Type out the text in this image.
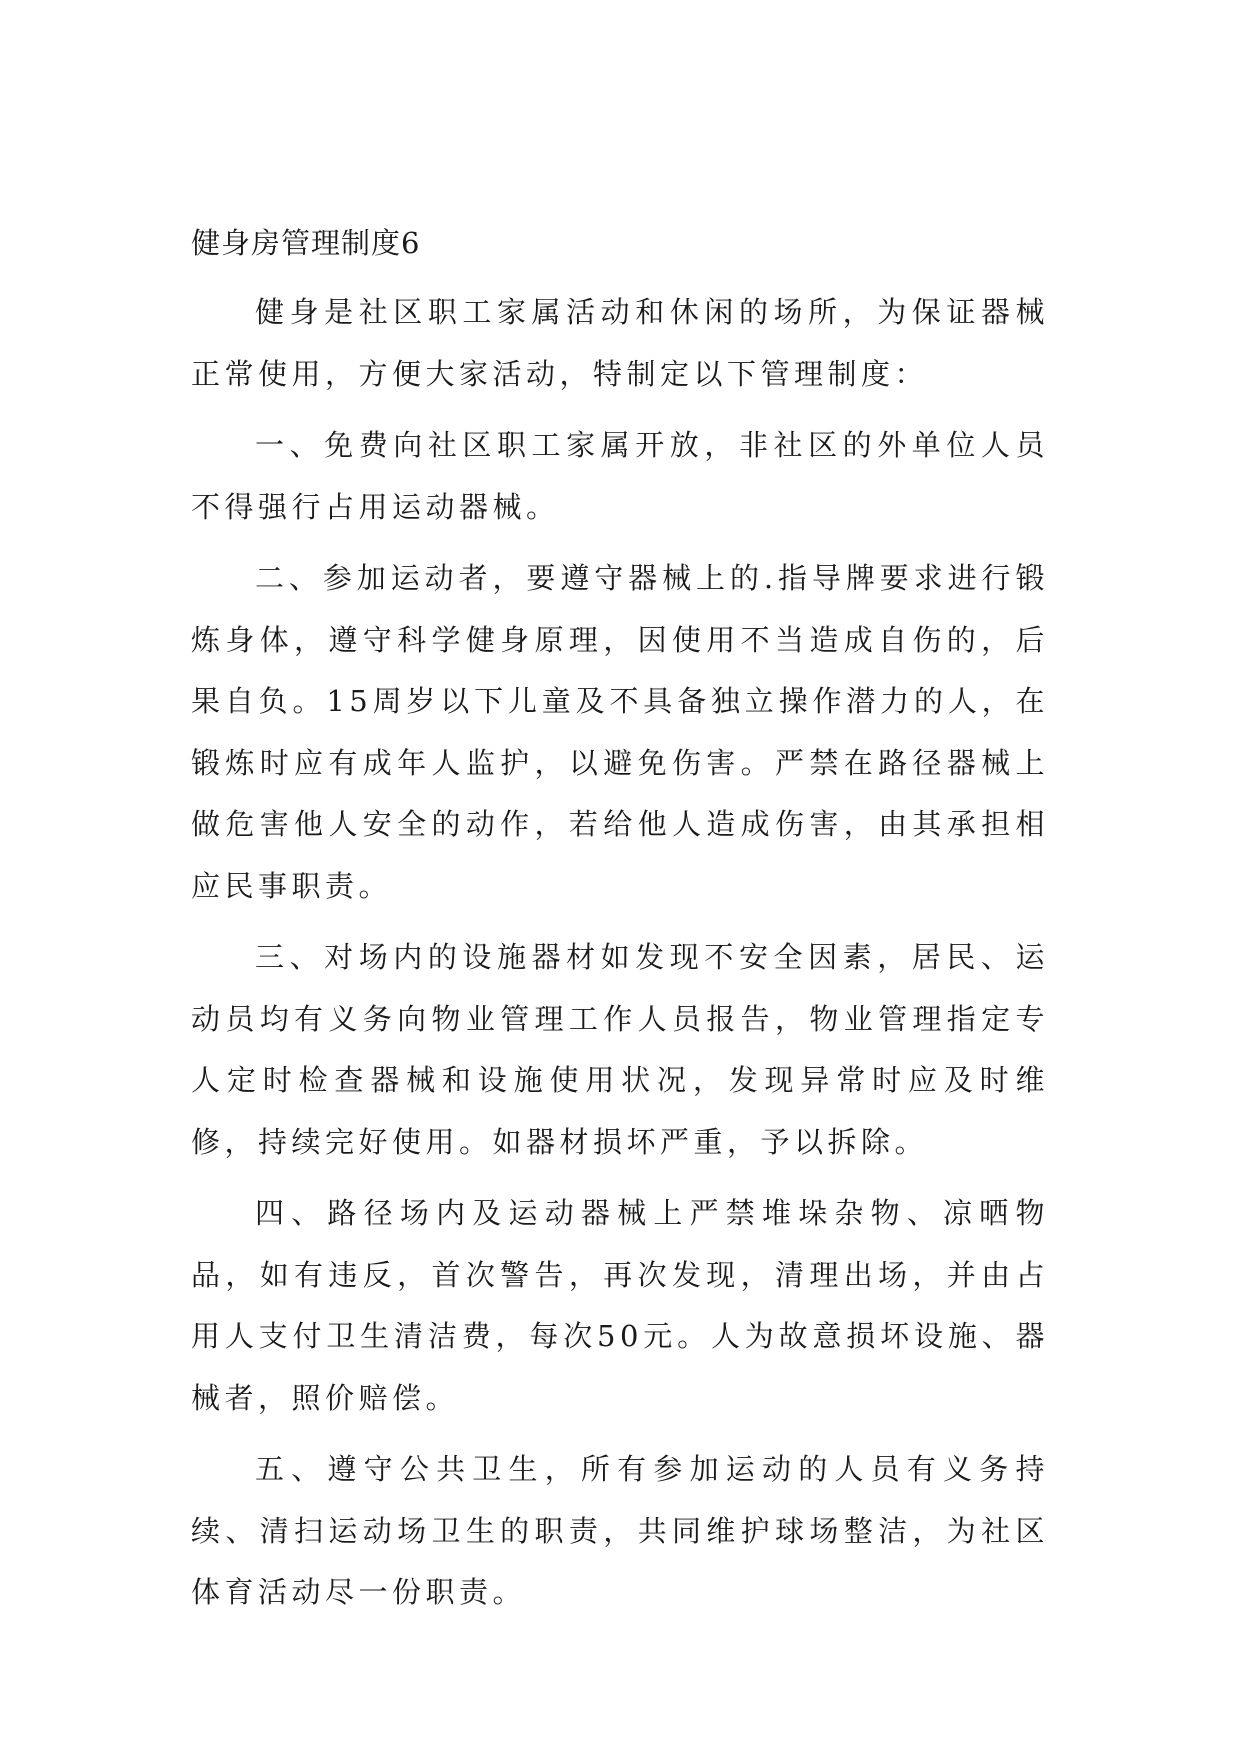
健身房管理制度6

健身是社区职工家属活动和休闲的场所，为保证器械正常使用，方便大家活动，特制定以下管理制度：

一、免费向社区职工家属开放，非社区的外单位人员不得强行占用运动器械。

二、参加运动者，要遵守器械上的.指导牌要求进行锻炼身体，遵守科学健身原理，因使用不当造成自伤的，后果自负。15周岁以下儿童及不具备独立操作潜力的人，在锻炼时应有成年人监护，以避免伤害。严禁在路径器械上做危害他人安全的动作，若给他人造成伤害，由其承担相应民事职责。

三、对场内的设施器材如发现不安全因素，居民、运动员均有义务向物业管理工作人员报告，物业管理指定专人定时检查器械和设施使用状况，发现异常时应及时维修，持续完好使用。如器材损坏严重，予以拆除。

四、路径场内及运动器械上严禁堆垛杂物、凉晒物品，如有违反，首次警告，再次发现，清理出场，并由占用人支付卫生清洁费，每次50元。人为故意损坏设施、器械者，照价赔偿。

五、遵守公共卫生，所有参加运动的人员有义务持续、清扫运动场卫生的职责，共同维护球场整洁，为社区体育活动尽一份职责。
